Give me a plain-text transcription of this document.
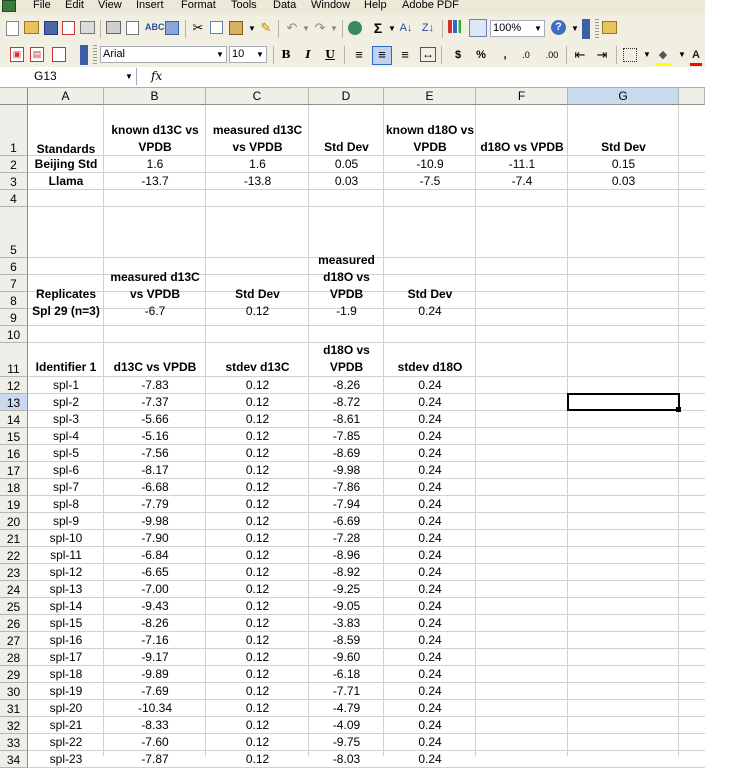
File Edit View Insert Format Tools Data Window Help Adobe PDF
ABC ✂	▼ ✎ ↶ ▼ ↷ ▼	Σ ▼ A↓ Z↓	100% ▼	?	▼
▣	▤	Arial	▼ 10 ▼	B	I	U	≡	≡	≡	↔	$	%	,	.0	.00 ⇤ ⇥	▼ ◆	▼ A
G13	▼ fx
A	B	C	D	E	F	G
1
2
3
4
5
6
7
8
9
10
11
12
13
14
15
16
17
18
19
20
21
22
23
24
25
26
27
28
29
30
31
32
33
34
Standards
known d13C vs VPDB
measured d13C vs VPDB	Std Dev
known d18O vs VPDB	d18O vs VPDB	Std Dev
Beijing Std	1.6	1.6	0.05	-10.9	-11.1	0.15
Llama	-13.7	-13.8	0.03	-7.5	-7.4	0.03
Replicates
measured d13C vs VPDB	Std Dev
measured d18O vs VPDB	Std Dev
Spl 29 (n=3)	-6.7	0.12	-1.9	0.24
Identifier 1	d13C vs VPDB	stdev d13C
d18O vs VPDB	stdev d18O
spl-1	-7.83	0.12	-8.26	0.24
spl-2	-7.37	0.12	-8.72	0.24
spl-3	-5.66	0.12	-8.61	0.24
spl-4	-5.16	0.12	-7.85	0.24
spl-5	-7.56	0.12	-8.69	0.24
spl-6	-8.17	0.12	-9.98	0.24
spl-7	-6.68	0.12	-7.86	0.24
spl-8	-7.79	0.12	-7.94	0.24
spl-9	-9.98	0.12	-6.69	0.24
spl-10	-7.90	0.12	-7.28	0.24
spl-11	-6.84	0.12	-8.96	0.24
spl-12	-6.65	0.12	-8.92	0.24
spl-13	-7.00	0.12	-9.25	0.24
spl-14	-9.43	0.12	-9.05	0.24
spl-15	-8.26	0.12	-3.83	0.24
spl-16	-7.16	0.12	-8.59	0.24
spl-17	-9.17	0.12	-9.60	0.24
spl-18	-9.89	0.12	-6.18	0.24
spl-19	-7.69	0.12	-7.71	0.24
spl-20	-10.34	0.12	-4.79	0.24
spl-21	-8.33	0.12	-4.09	0.24
spl-22	-7.60	0.12	-9.75	0.24
spl-23	-7.87	0.12	-8.03	0.24
